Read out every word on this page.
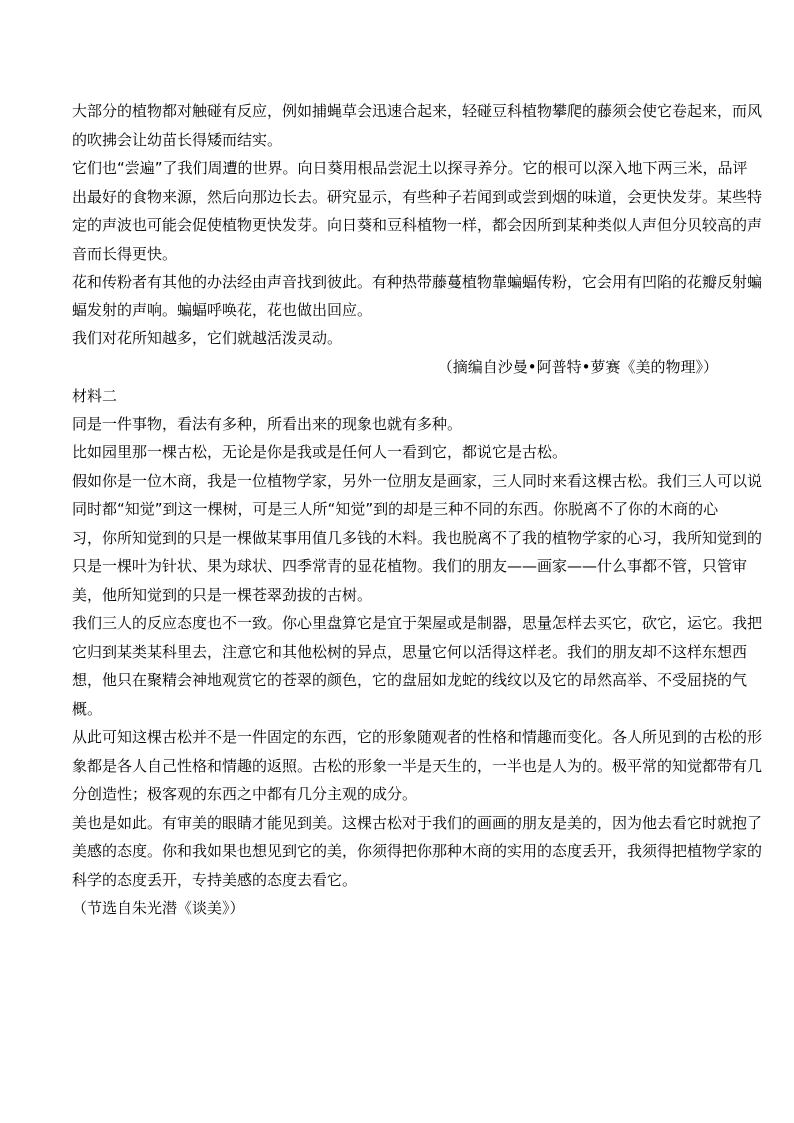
大部分的植物都对触碰有反应，例如捕蝇草会迅速合起来，轻碰豆科植物攀爬的藤须会使它卷起来，而风
的吹拂会让幼苗长得矮而结实。
它们也“尝遍”了我们周遭的世界。向日葵用根品尝泥土以探寻养分。它的根可以深入地下两三米，品评
出最好的食物来源，然后向那边长去。研究显示，有些种子若闻到或尝到烟的味道，会更快发芽。某些特
定的声波也可能会促使植物更快发芽。向日葵和豆科植物一样，都会因所到某种类似人声但分贝较高的声
音而长得更快。
花和传粉者有其他的办法经由声音找到彼此。有种热带藤蔓植物靠蝙蝠传粉，它会用有凹陷的花瓣反射蝙
蝠发射的声响。蝙蝠呼唤花，花也做出回应。
我们对花所知越多，它们就越活泼灵动。
（摘编自沙曼•阿普特•萝赛《美的物理》）
材料二
同是一件事物，看法有多种，所看出来的现象也就有多种。
比如园里那一棵古松，无论是你是我或是任何人一看到它，都说它是古松。
假如你是一位木商，我是一位植物学家，另外一位朋友是画家，三人同时来看这棵古松。我们三人可以说
同时都“知觉”到这一棵树，可是三人所“知觉”到的却是三种不同的东西。你脱离不了你的木商的心
习，你所知觉到的只是一棵做某事用值几多钱的木料。我也脱离不了我的植物学家的心习，我所知觉到的
只是一棵叶为针状、果为球状、四季常青的显花植物。我们的朋友——画家——什么事都不管，只管审
美，他所知觉到的只是一棵苍翠劲拔的古树。
我们三人的反应态度也不一致。你心里盘算它是宜于架屋或是制器，思量怎样去买它，砍它，运它。我把
它归到某类某科里去，注意它和其他松树的异点，思量它何以活得这样老。我们的朋友却不这样东想西
想，他只在聚精会神地观赏它的苍翠的颜色，它的盘屈如龙蛇的线纹以及它的昂然高举、不受屈挠的气
概。
从此可知这棵古松并不是一件固定的东西，它的形象随观者的性格和情趣而变化。各人所见到的古松的形
象都是各人自己性格和情趣的返照。古松的形象一半是天生的，一半也是人为的。极平常的知觉都带有几
分创造性；极客观的东西之中都有几分主观的成分。
美也是如此。有审美的眼睛才能见到美。这棵古松对于我们的画画的朋友是美的，因为他去看它时就抱了
美感的态度。你和我如果也想见到它的美，你须得把你那种木商的实用的态度丢开，我须得把植物学家的
科学的态度丢开，专持美感的态度去看它。
（节选自朱光潜《谈美》）
